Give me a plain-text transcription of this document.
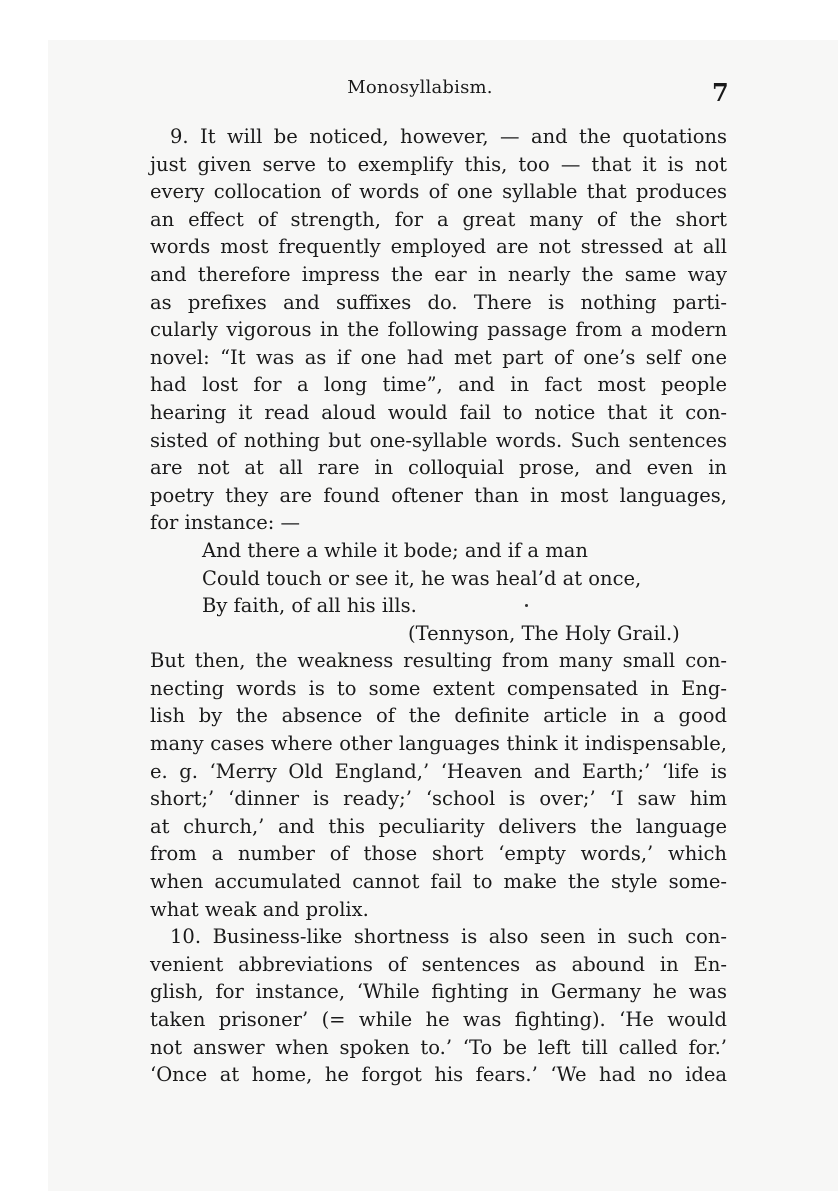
Monosyllabism.	7
9. It will be noticed, however, — and the quotations
just given serve to exemplify this, too — that it is not
every collocation of words of one syllable that produces
an effect of strength, for a great many of the short
words most frequently employed are not stressed at all
and therefore impress the ear in nearly the same way
as prefixes and suffixes do. There is nothing parti-
cularly vigorous in the following passage from a modern
novel: “It was as if one had met part of one’s self one
had lost for a long time”, and in fact most people
hearing it read aloud would fail to notice that it con-
sisted of nothing but one-syllable words. Such sentences
are not at all rare in colloquial prose, and even in
poetry they are found oftener than in most languages,
for instance: —
And there a while it bode; and if a man
Could touch or see it, he was heal’d at once,
By faith, of all his ills.
(Tennyson, The Holy Grail.)
But then, the weakness resulting from many small con-
necting words is to some extent compensated in Eng-
lish by the absence of the definite article in a good
many cases where other languages think it indispensable,
e. g. ‘Merry Old England,’ ‘Heaven and Earth;’ ‘life is
short;’ ‘dinner is ready;’ ‘school is over;’ ‘I saw him
at church,’ and this peculiarity delivers the language
from a number of those short ‘empty words,’ which
when accumulated cannot fail to make the style some-
what weak and prolix.
10. Business-like shortness is also seen in such con-
venient abbreviations of sentences as abound in En-
glish, for instance, ‘While fighting in Germany he was
taken prisoner’ (= while he was fighting). ‘He would
not answer when spoken to.’ ‘To be left till called for.’
‘Once at home, he forgot his fears.’ ‘We had no idea
